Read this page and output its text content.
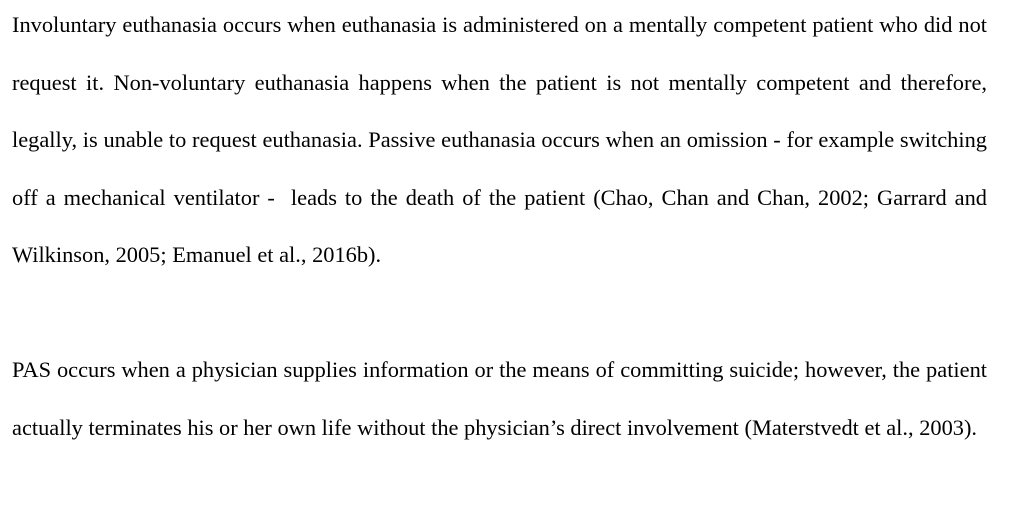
Involuntary euthanasia occurs when euthanasia is administered on a mentally competent patient who did not request it. Non-voluntary euthanasia happens when the patient is not mentally competent and therefore, legally, is unable to request euthanasia. Passive euthanasia occurs when an omission - for example switching off a mechanical ventilator -  leads to the death of the patient (Chao, Chan and Chan, 2002; Garrard and Wilkinson, 2005; Emanuel et al., 2016b).

PAS occurs when a physician supplies information or the means of committing suicide; however, the patient actually terminates his or her own life without the physician’s direct involvement (Materstvedt et al., 2003).
